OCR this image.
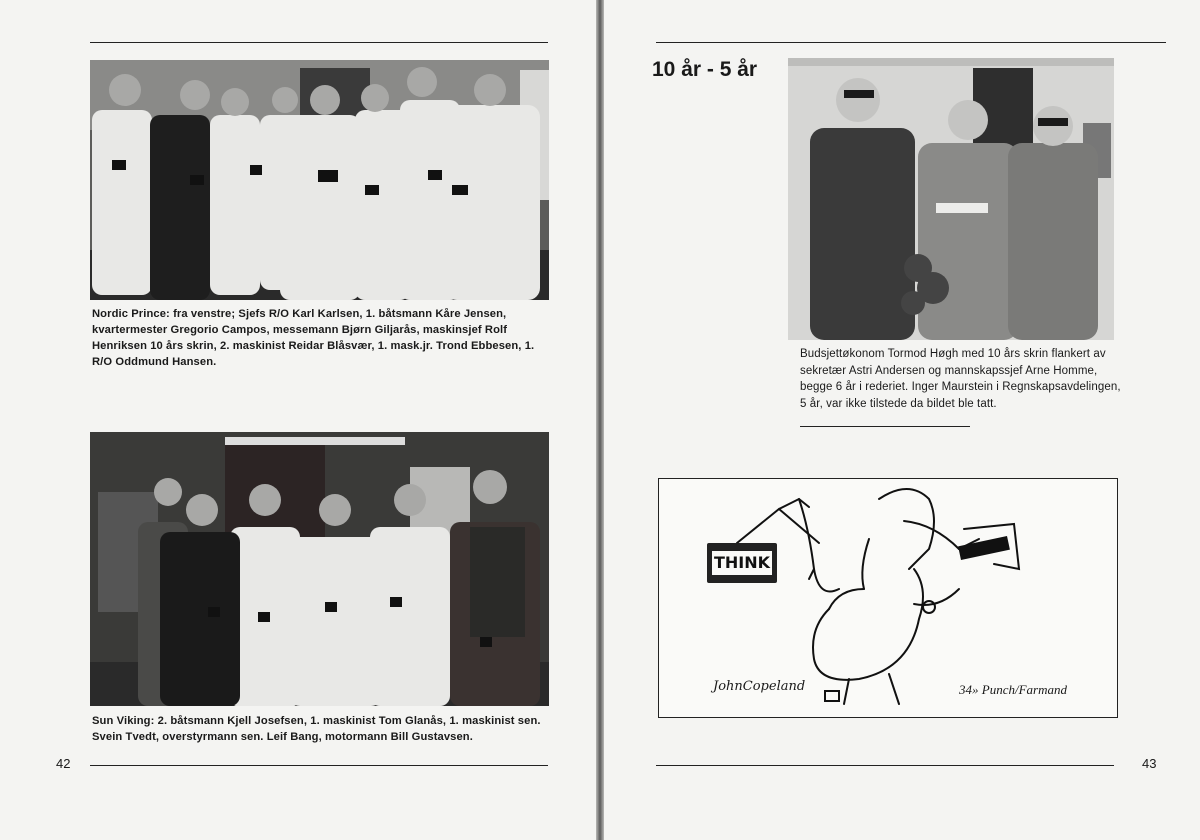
Nordic Prince: fra venstre; Sjefs R/O Karl Karlsen, 1. båtsmann Kåre Jensen, kvartermester Gregorio Campos, messemann Bjørn Giljarås, maskinsjef Rolf Henriksen 10 års skrin, 2. maskinist Reidar Blåsvær, 1. mask.jr. Trond Ebbesen, 1. R/O Oddmund Hansen.
Sun Viking: 2. båtsmann Kjell Josefsen, 1. maskinist Tom Glanås, 1. maskinist sen. Svein Tvedt, overstyrmann sen. Leif Bang, motormann Bill Gustavsen.
42
10 år - 5 år
Budsjettøkonom Tormod Høgh med 10 års skrin flankert av sekretær Astri Andersen og mannskapssjef Arne Homme, begge 6 år i rederiet. Inger Maurstein i Regnskapsavdelingen, 5 år, var ikke tilstede da bildet ble tatt.
THINK
JohnCopeland	34» Punch/Farmand
43
